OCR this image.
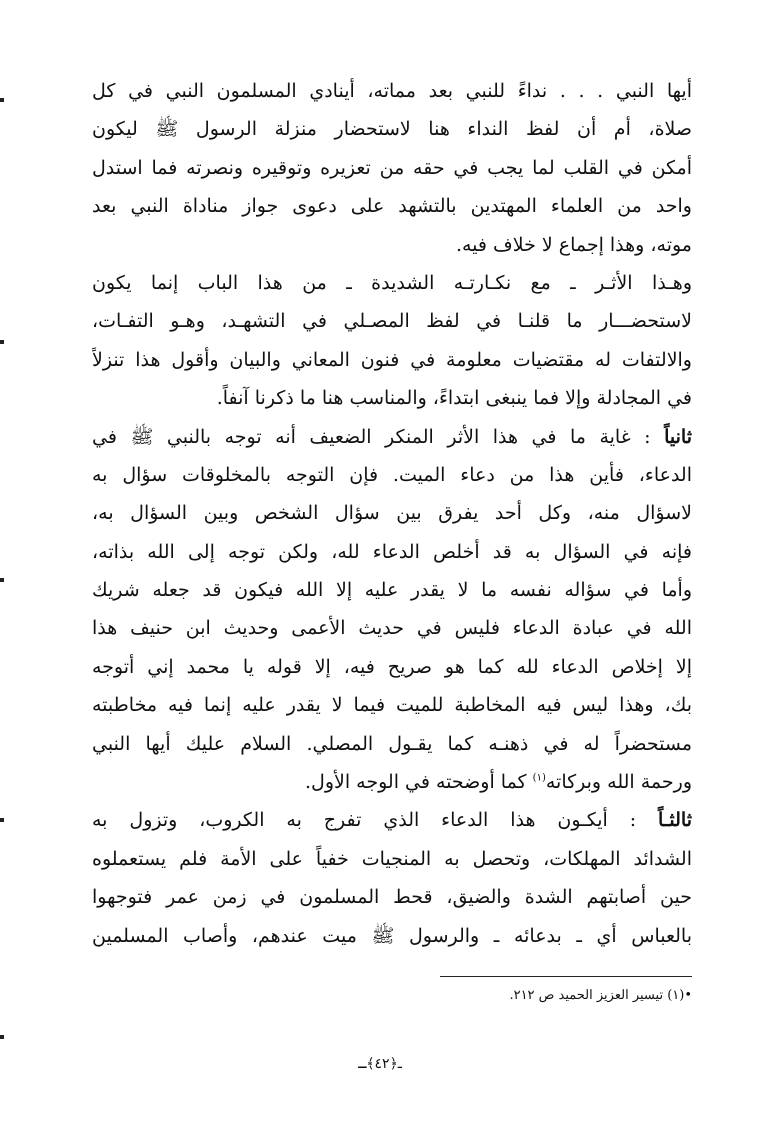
أيها النبي . . . نداءً للنبي بعد مماته، أينادي المسلمون النبي في كل
صلاة، أم أن لفظ النداء هنا لاستحضار منزلة الرسول ﷺ ليكون
أمكن في القلب لما يجب في حقه من تعزيره وتوقيره ونصرته فما استدل
واحد من العلماء المهتدين بالتشهد على دعوى جواز مناداة النبي بعد
موته، وهذا إجماع لا خلاف فيه.
وهـذا الأثـر ـ مع نكـارتـه الشديدة ـ من هذا الباب إنما يكون
لاستحضـــار ما قلنـا في لفظ المصـلي في التشهـد، وهـو التفـات،
والالتفات له مقتضيات معلومة في فنون المعاني والبيان وأقول هذا تنزلاً
في المجادلة وإلا فما ينبغى ابتداءً، والمناسب هنا ما ذكرنا آنفاً.
ثانياً : غاية ما في هذا الأثر المنكر الضعيف أنه توجه بالنبي ﷺ في
الدعاء، فأين هذا من دعاء الميت. فإن التوجه بالمخلوقات سؤال به
لاسؤال منه، وكل أحد يفرق بين سؤال الشخص وبين السؤال به،
فإنه في السؤال به قد أخلص الدعاء لله، ولكن توجه إلى الله بذاته،
وأما في سؤاله نفسه ما لا يقدر عليه إلا الله فيكون قد جعله شريك
الله في عبادة الدعاء فليس في حديث الأعمى وحديث ابن حنيف هذا
إلا إخلاص الدعاء لله كما هو صريح فيه، إلا قوله يا محمد إني أتوجه
بك، وهذا ليس فيه المخاطبة للميت فيما لا يقدر عليه إنما فيه مخاطبته
مستحضراً له في ذهنـه كما يقـول المصلي. السلام عليك أيها النبي
ورحمة الله وبركاته$^{(١)}$ كما أوضحته في الوجه الأول.
ثالثـاً : أيكـون هذا الدعاء الذي تفرج به الكروب، وتزول به
الشدائد المهلكات، وتحصل به المنجيات خفياً على الأمة فلم يستعملوه
حين أصابتهم الشدة والضيق، قحط المسلمون في زمن عمر فتوجهوا
بالعباس أي ـ بدعائه ـ والرسول ﷺ ميت عندهم، وأصاب المسلمين
•(١) تيسير العزيز الحميد ص ٢١٢.
ـ﴿٤٢﴾ـ
